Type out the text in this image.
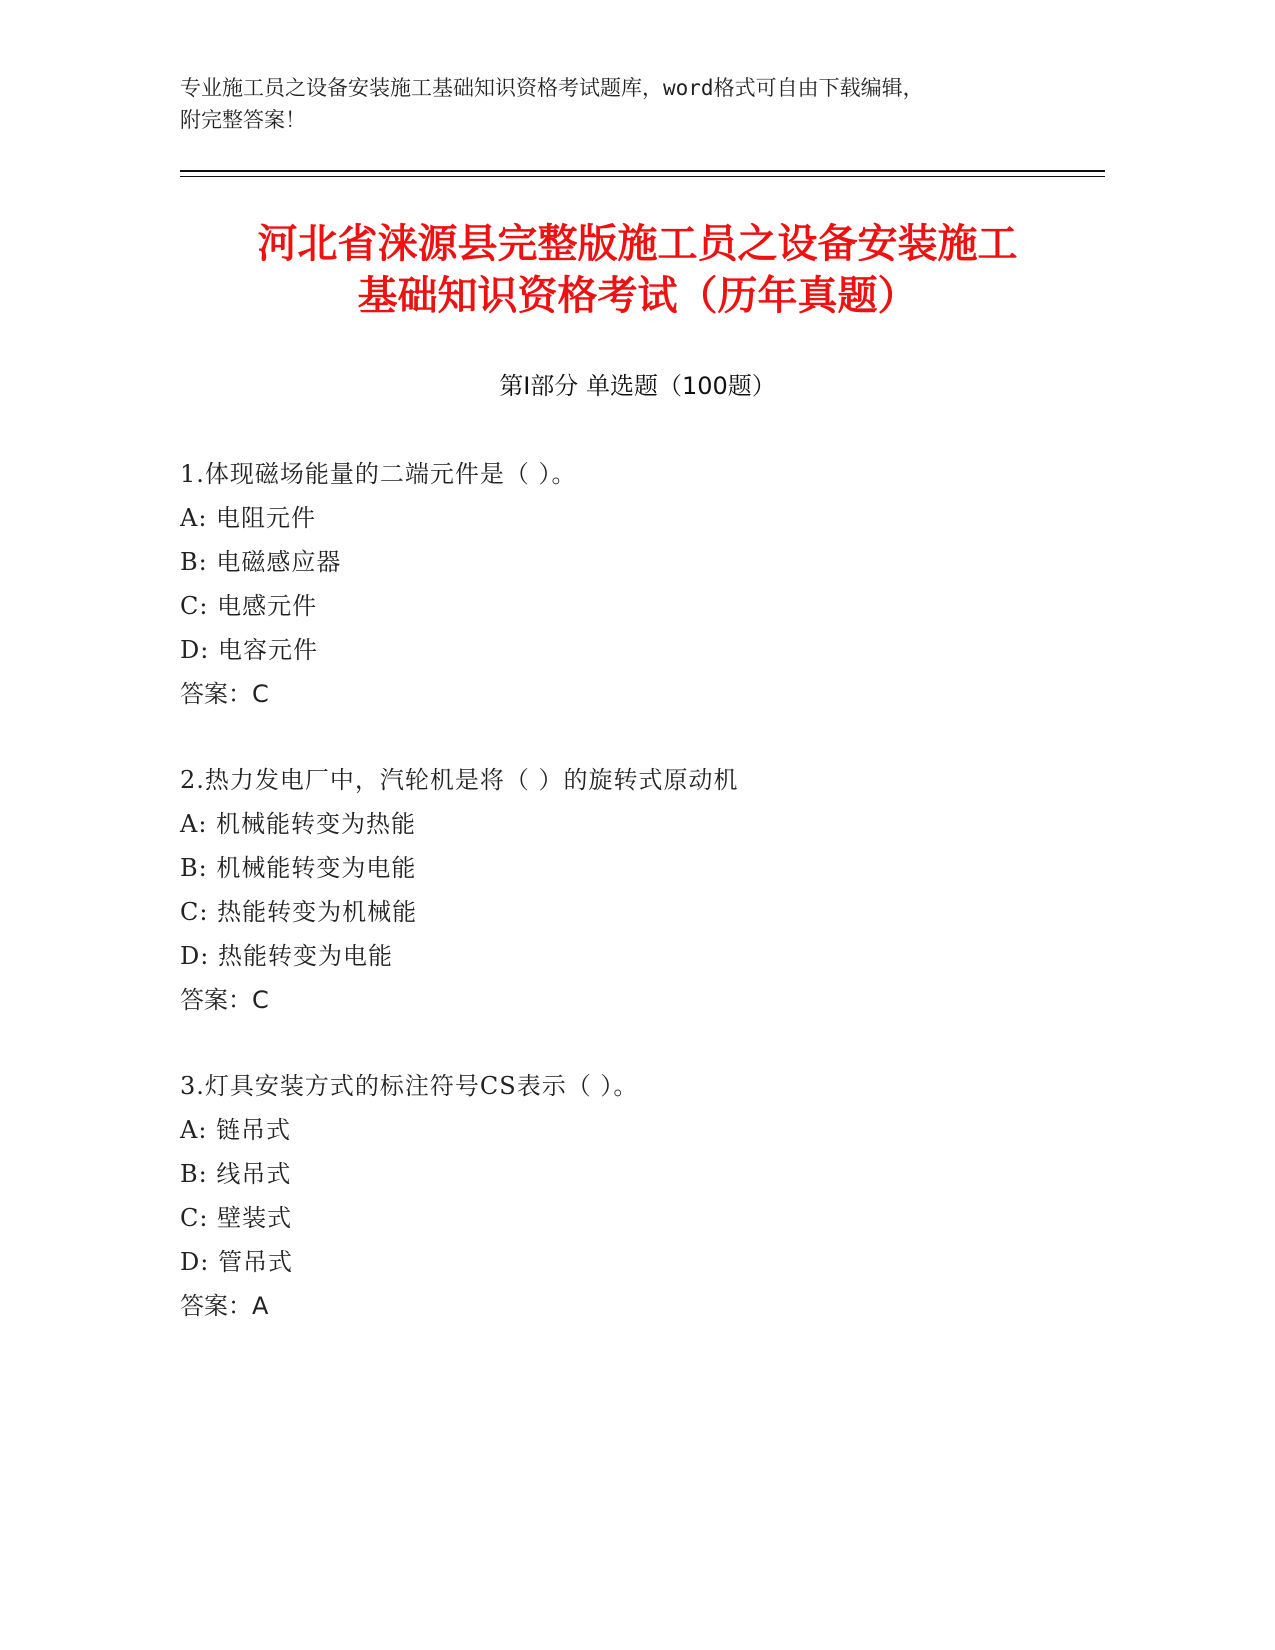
专业施工员之设备安装施工基础知识资格考试题库，word格式可自由下载编辑，
附完整答案！
河北省涞源县完整版施工员之设备安装施工
基础知识资格考试（历年真题）
第Ⅰ部分 单选题（100题）
1.体现磁场能量的二端元件是（ ）。
A: 电阻元件
B: 电磁感应器
C: 电感元件
D: 电容元件
答案：C
2.热力发电厂中，汽轮机是将（ ）的旋转式原动机
A: 机械能转变为热能
B: 机械能转变为电能
C: 热能转变为机械能
D: 热能转变为电能
答案：C
3.灯具安装方式的标注符号CS表示（ ）。
A: 链吊式
B: 线吊式
C: 壁装式
D: 管吊式
答案：A
